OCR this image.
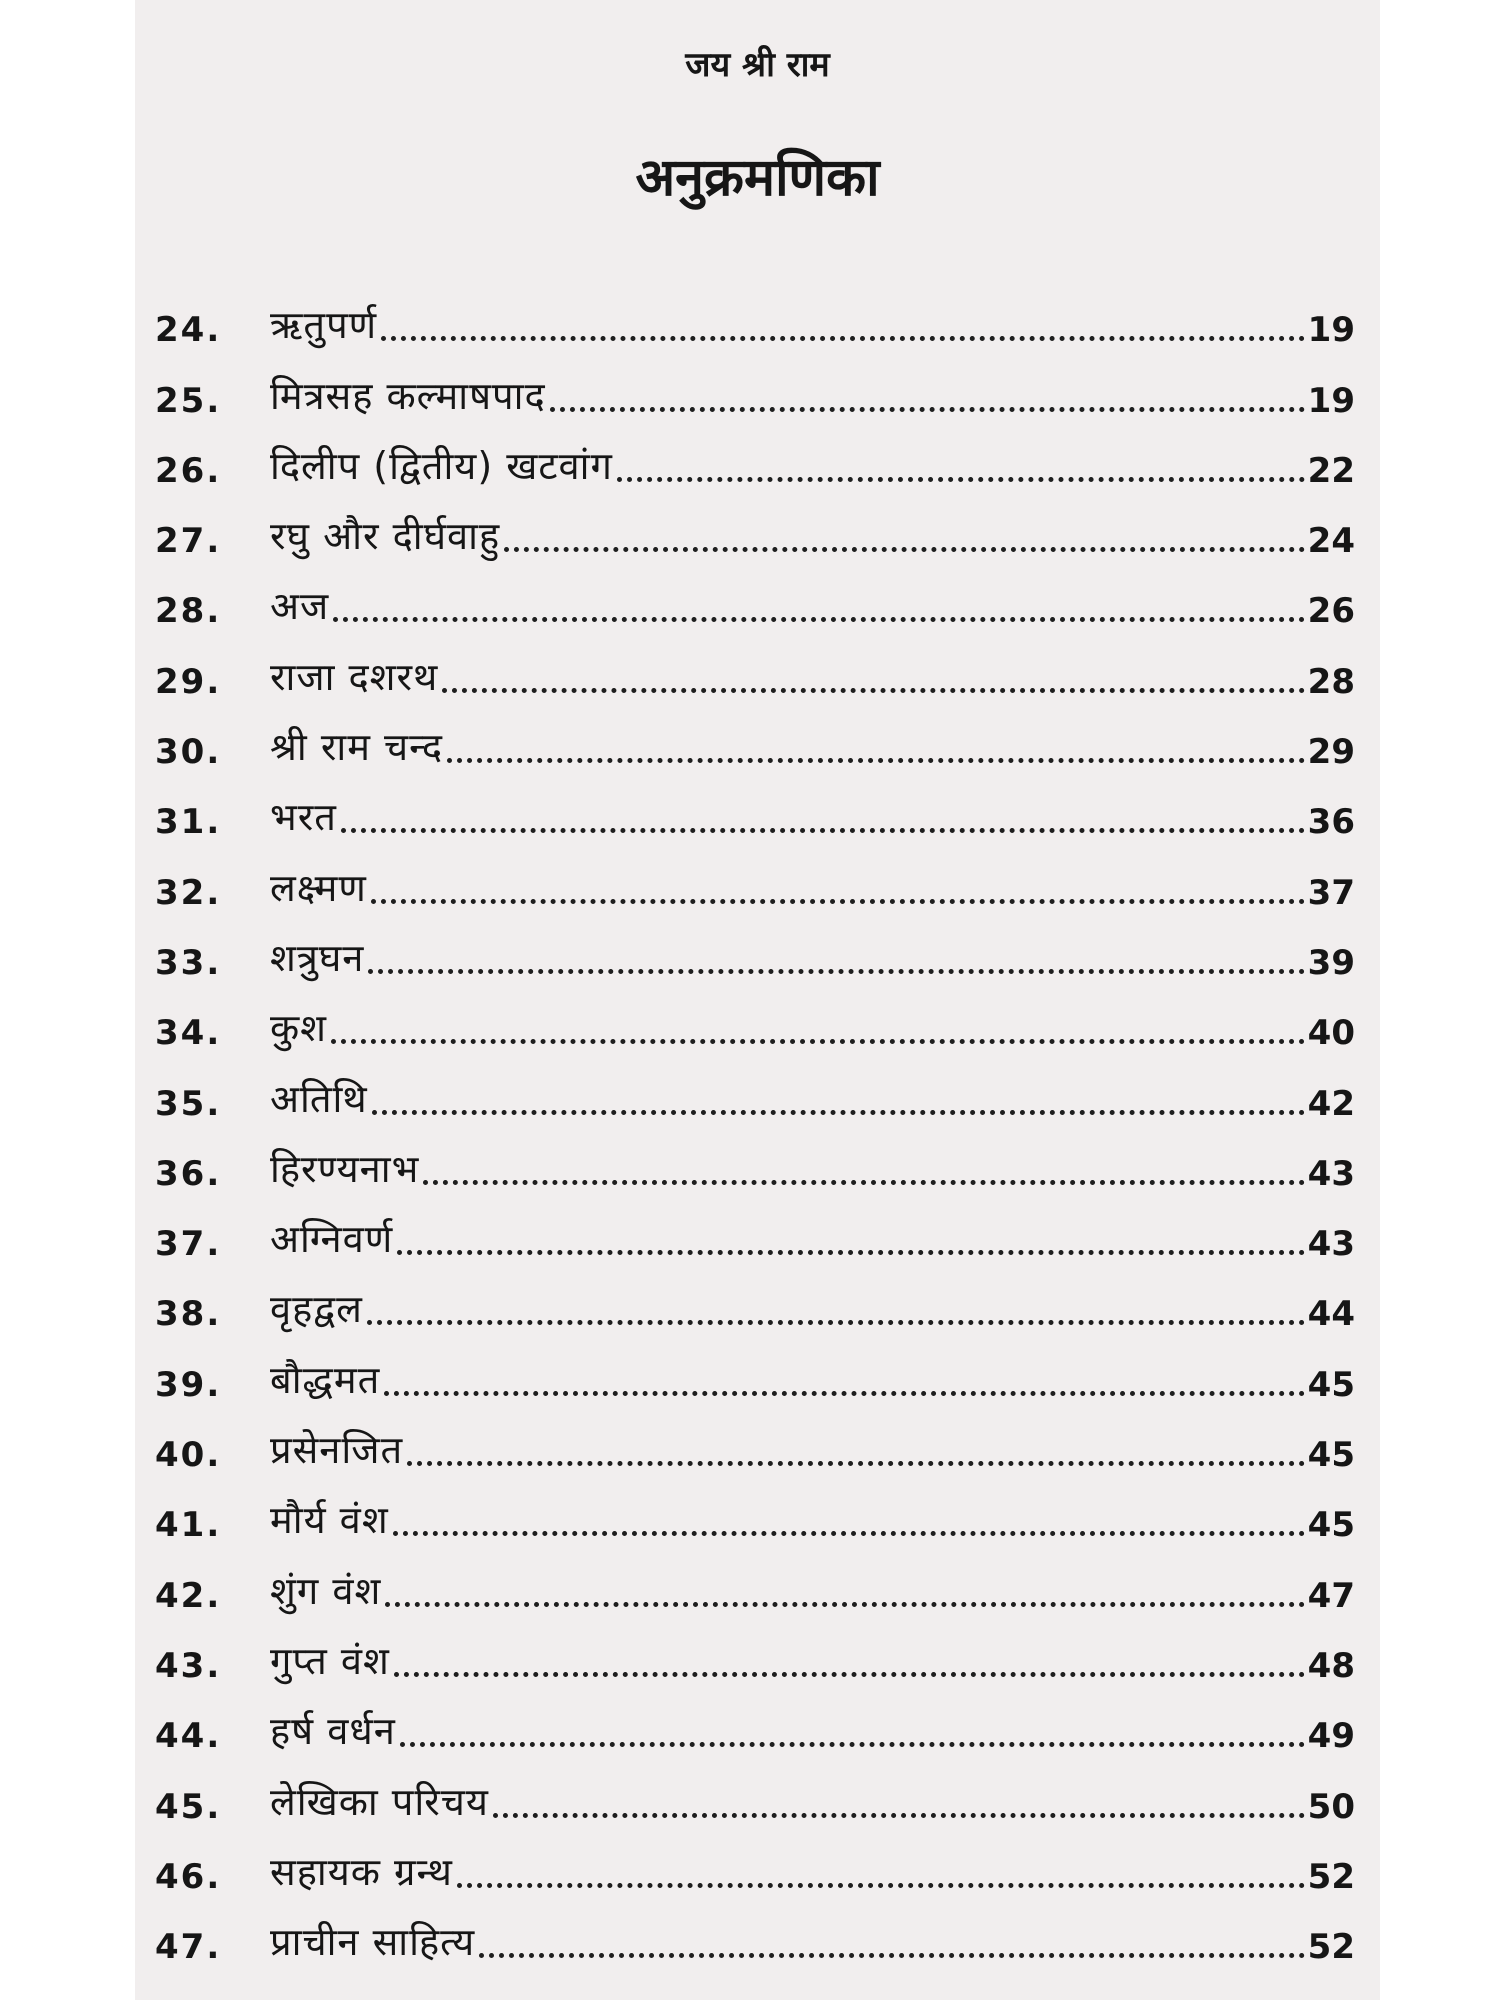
जय श्री राम
अनुक्रमणिका
24.	ऋतुपर्ण	19
25.	मित्रसह कल्माषपाद	19
26.	दिलीप (द्वितीय) खटवांग	22
27.	रघु और दीर्घवाहु	24
28.	अज	26
29.	राजा दशरथ	28
30.	श्री राम चन्द	29
31.	भरत	36
32.	लक्ष्मण	37
33.	शत्रुघन	39
34.	कुश	40
35.	अतिथि	42
36.	हिरण्यनाभ	43
37.	अग्निवर्ण	43
38.	वृहद्वल	44
39.	बौद्धमत	45
40.	प्रसेनजित	45
41.	मौर्य वंश	45
42.	शुंग वंश	47
43.	गुप्त वंश	48
44.	हर्ष वर्धन	49
45.	लेखिका परिचय	50
46.	सहायक ग्रन्थ	52
47.	प्राचीन साहित्य	52
